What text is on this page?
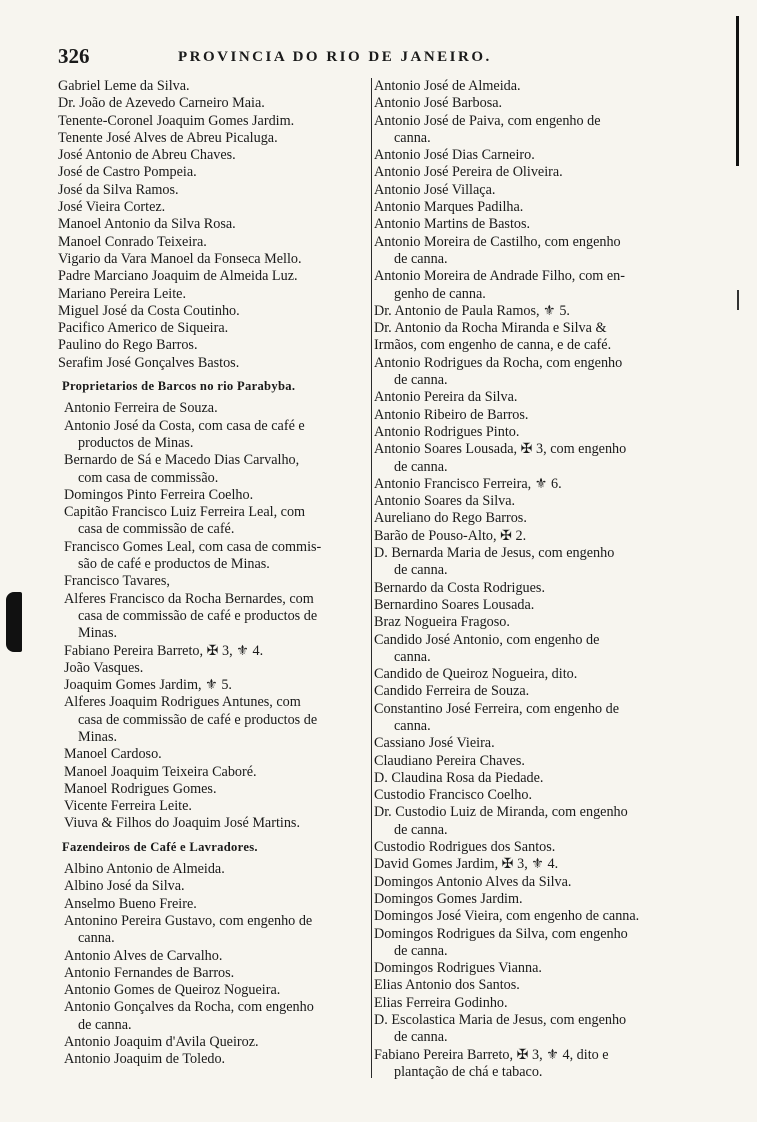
326	PROVINCIA DO RIO DE JANEIRO.
Gabriel Leme da Silva.
Dr. João de Azevedo Carneiro Maia.
Tenente-Coronel Joaquim Gomes Jardim.
Tenente José Alves de Abreu Picaluga.
José Antonio de Abreu Chaves.
José de Castro Pompeia.
José da Silva Ramos.
José Vieira Cortez.
Manoel Antonio da Silva Rosa.
Manoel Conrado Teixeira.
Vigario da Vara Manoel da Fonseca Mello.
Padre Marciano Joaquim de Almeida Luz.
Mariano Pereira Leite.
Miguel José da Costa Coutinho.
Pacifico Americo de Siqueira.
Paulino do Rego Barros.
Serafim José Gonçalves Bastos.
Proprietarios de Barcos no rio Parabyba.
Antonio Ferreira de Souza.
Antonio José da Costa, com casa de café e
productos de Minas.
Bernardo de Sá e Macedo Dias Carvalho,
com casa de commissão.
Domingos Pinto Ferreira Coelho.
Capitão Francisco Luiz Ferreira Leal, com
casa de commissão de café.
Francisco Gomes Leal, com casa de commis-
são de café e productos de Minas.
Francisco Tavares,
Alferes Francisco da Rocha Bernardes, com
casa de commissão de café e productos de
Minas.
Fabiano Pereira Barreto, ✠ 3, ⚜ 4.
João Vasques.
Joaquim Gomes Jardim, ⚜ 5.
Alferes Joaquim Rodrigues Antunes, com
casa de commissão de café e productos de
Minas.
Manoel Cardoso.
Manoel Joaquim Teixeira Caboré.
Manoel Rodrigues Gomes.
Vicente Ferreira Leite.
Viuva & Filhos do Joaquim José Martins.
Fazendeiros de Café e Lavradores.
Albino Antonio de Almeida.
Albino José da Silva.
Anselmo Bueno Freire.
Antonino Pereira Gustavo, com engenho de
canna.
Antonio Alves de Carvalho.
Antonio Fernandes de Barros.
Antonio Gomes de Queiroz Nogueira.
Antonio Gonçalves da Rocha, com engenho
de canna.
Antonio Joaquim d'Avila Queiroz.
Antonio Joaquim de Toledo.
Antonio José de Almeida.
Antonio José Barbosa.
Antonio José de Paiva, com engenho de
canna.
Antonio José Dias Carneiro.
Antonio José Pereira de Oliveira.
Antonio José Villaça.
Antonio Marques Padilha.
Antonio Martins de Bastos.
Antonio Moreira de Castilho, com engenho
de canna.
Antonio Moreira de Andrade Filho, com en-
genho de canna.
Dr. Antonio de Paula Ramos, ⚜ 5.
Dr. Antonio da Rocha Miranda e Silva &
Irmãos, com engenho de canna, e de café.
Antonio Rodrigues da Rocha, com engenho
de canna.
Antonio Pereira da Silva.
Antonio Ribeiro de Barros.
Antonio Rodrigues Pinto.
Antonio Soares Lousada, ✠ 3, com engenho
de canna.
Antonio Francisco Ferreira, ⚜ 6.
Antonio Soares da Silva.
Aureliano do Rego Barros.
Barão de Pouso-Alto, ✠ 2.
D. Bernarda Maria de Jesus, com engenho
de canna.
Bernardo da Costa Rodrigues.
Bernardino Soares Lousada.
Braz Nogueira Fragoso.
Candido José Antonio, com engenho de
canna.
Candido de Queiroz Nogueira, dito.
Candido Ferreira de Souza.
Constantino José Ferreira, com engenho de
canna.
Cassiano José Vieira.
Claudiano Pereira Chaves.
D. Claudina Rosa da Piedade.
Custodio Francisco Coelho.
Dr. Custodio Luiz de Miranda, com engenho
de canna.
Custodio Rodrigues dos Santos.
David Gomes Jardim, ✠ 3, ⚜ 4.
Domingos Antonio Alves da Silva.
Domingos Gomes Jardim.
Domingos José Vieira, com engenho de canna.
Domingos Rodrigues da Silva, com engenho
de canna.
Domingos Rodrigues Vianna.
Elias Antonio dos Santos.
Elias Ferreira Godinho.
D. Escolastica Maria de Jesus, com engenho
de canna.
Fabiano Pereira Barreto, ✠ 3, ⚜ 4, dito e
plantação de chá e tabaco.
